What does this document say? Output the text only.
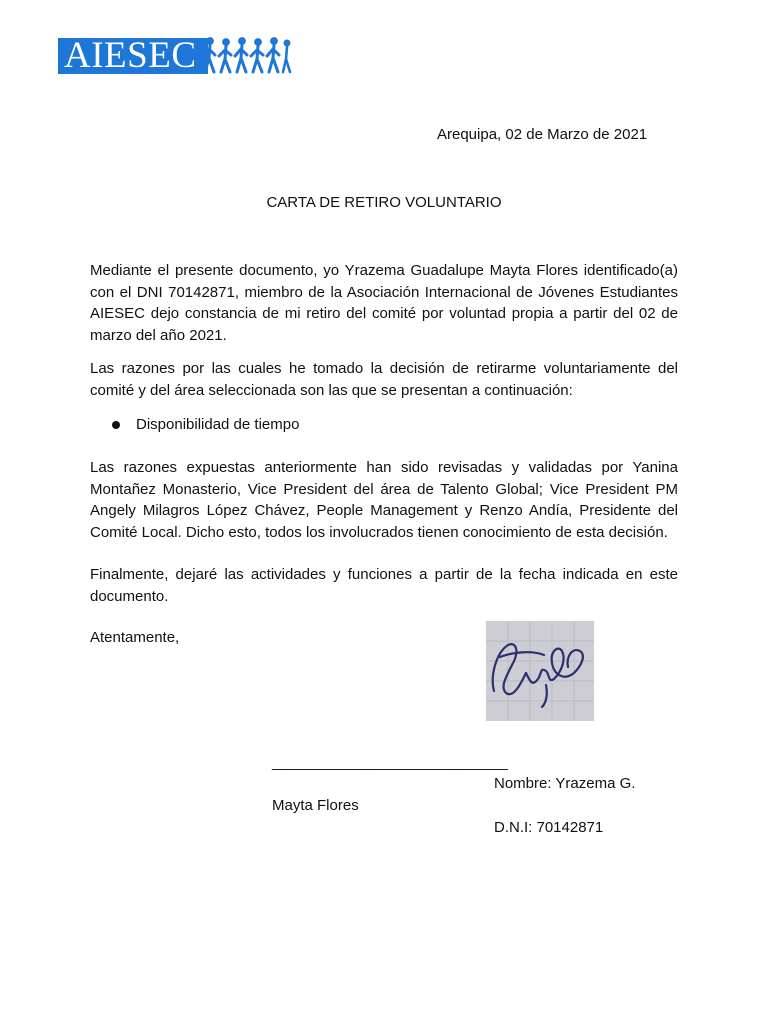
AIESEC
Arequipa, 02 de Marzo de 2021
CARTA DE RETIRO VOLUNTARIO

Mediante el presente documento, yo Yrazema Guadalupe Mayta Flores identificado(a) con el DNI 70142871, miembro de la Asociación Internacional de Jóvenes Estudiantes AIESEC dejo constancia de mi retiro del comité por voluntad propia a partir del 02 de marzo del año 2021.

Las razones por las cuales he tomado la decisión de retirarme voluntariamente del comité y del área seleccionada son las que se presentan a continuación:

Disponibilidad de tiempo

Las razones expuestas anteriormente han sido revisadas y validadas por Yanina Montañez Monasterio, Vice President del área de Talento Global; Vice President PM Angely Milagros López Chávez, People Management y Renzo Andía, Presidente del Comité Local. Dicho esto, todos los involucrados tienen conocimiento de esta decisión.

Finalmente, dejaré las actividades y funciones a partir de la fecha indicada en este documento.

Atentamente,
________________________________
Nombre: Yrazema G.
Mayta Flores
D.N.I: 70142871
